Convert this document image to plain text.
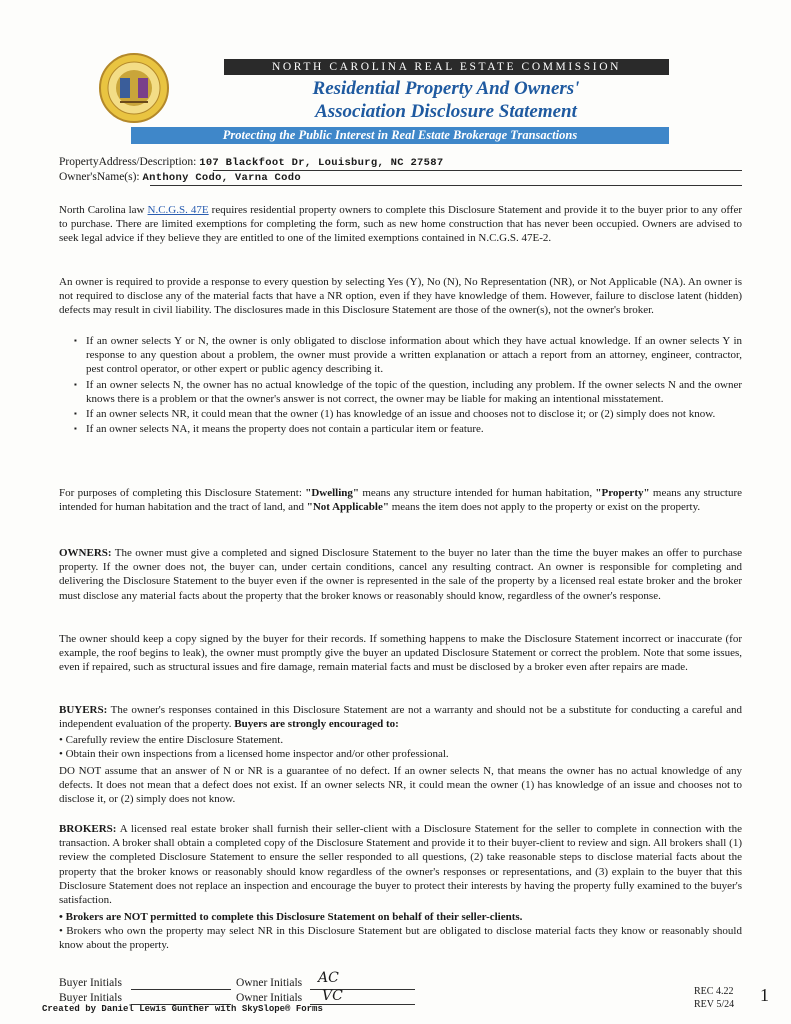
NORTH CAROLINA REAL ESTATE COMMISSION
Residential Property And Owners'
Association Disclosure Statement
Protecting the Public Interest in Real Estate Brokerage Transactions
PropertyAddress/Description: 107 Blackfoot Dr, Louisburg, NC 27587
Owner'sName(s): Anthony Codo, Varna Codo

North Carolina law N.C.G.S. 47E requires residential property owners to complete this Disclosure Statement and provide it to the buyer prior to any offer to purchase. There are limited exemptions for completing the form, such as new home construction that has never been occupied. Owners are advised to seek legal advice if they believe they are entitled to one of the limited exemptions contained in N.C.G.S. 47E-2.

An owner is required to provide a response to every question by selecting Yes (Y), No (N), No Representation (NR), or Not Applicable (NA). An owner is not required to disclose any of the material facts that have a NR option, even if they have knowledge of them. However, failure to disclose latent (hidden) defects may result in civil liability. The disclosures made in this Disclosure Statement are those of the owner(s), not the owner's broker.

▪ If an owner selects Y or N, the owner is only obligated to disclose information about which they have actual knowledge. If an owner selects Y in response to any question about a problem, the owner must provide a written explanation or attach a report from an attorney, engineer, contractor, pest control operator, or other expert or public agency describing it.
▪ If an owner selects N, the owner has no actual knowledge of the topic of the question, including any problem. If the owner selects N and the owner knows there is a problem or that the owner's answer is not correct, the owner may be liable for making an intentional misstatement.
▪ If an owner selects NR, it could mean that the owner (1) has knowledge of an issue and chooses not to disclose it; or (2) simply does not know.
▪ If an owner selects NA, it means the property does not contain a particular item or feature.

For purposes of completing this Disclosure Statement: "Dwelling" means any structure intended for human habitation, "Property" means any structure intended for human habitation and the tract of land, and "Not Applicable" means the item does not apply to the property or exist on the property.

OWNERS: The owner must give a completed and signed Disclosure Statement to the buyer no later than the time the buyer makes an offer to purchase property. If the owner does not, the buyer can, under certain conditions, cancel any resulting contract. An owner is responsible for completing and delivering the Disclosure Statement to the buyer even if the owner is represented in the sale of the property by a licensed real estate broker and the broker must disclose any material facts about the property that the broker knows or reasonably should know, regardless of the owner's response.

The owner should keep a copy signed by the buyer for their records. If something happens to make the Disclosure Statement incorrect or inaccurate (for example, the roof begins to leak), the owner must promptly give the buyer an updated Disclosure Statement or correct the problem. Note that some issues, even if repaired, such as structural issues and fire damage, remain material facts and must be disclosed by a broker even after repairs are made.

BUYERS: The owner's responses contained in this Disclosure Statement are not a warranty and should not be a substitute for conducting a careful and independent evaluation of the property. Buyers are strongly encouraged to:

• Carefully review the entire Disclosure Statement.
• Obtain their own inspections from a licensed home inspector and/or other professional.

DO NOT assume that an answer of N or NR is a guarantee of no defect. If an owner selects N, that means the owner has no actual knowledge of any defects. It does not mean that a defect does not exist. If an owner selects NR, it could mean the owner (1) has knowledge of an issue and chooses not to disclose it, or (2) simply does not know.

BROKERS: A licensed real estate broker shall furnish their seller-client with a Disclosure Statement for the seller to complete in connection with the transaction. A broker shall obtain a completed copy of the Disclosure Statement and provide it to their buyer-client to review and sign. All brokers shall (1) review the completed Disclosure Statement to ensure the seller responded to all questions, (2) take reasonable steps to disclose material facts about the property that the broker knows or reasonably should know regardless of the owner's responses or representations, and (3) explain to the buyer that this Disclosure Statement does not replace an inspection and encourage the buyer to protect their interests by having the property fully examined to the buyer's satisfaction.

• Brokers are NOT permitted to complete this Disclosure Statement on behalf of their seller-clients.
• Brokers who own the property may select NR in this Disclosure Statement but are obligated to disclose material facts they know or reasonably should know about the property.
Buyer Initials	Owner Initials AC
Buyer Initials	Owner Initials VC
Created by Daniel Lewis Gunther with SkySlope® Forms
REC 4.22
REV 5/24 1
